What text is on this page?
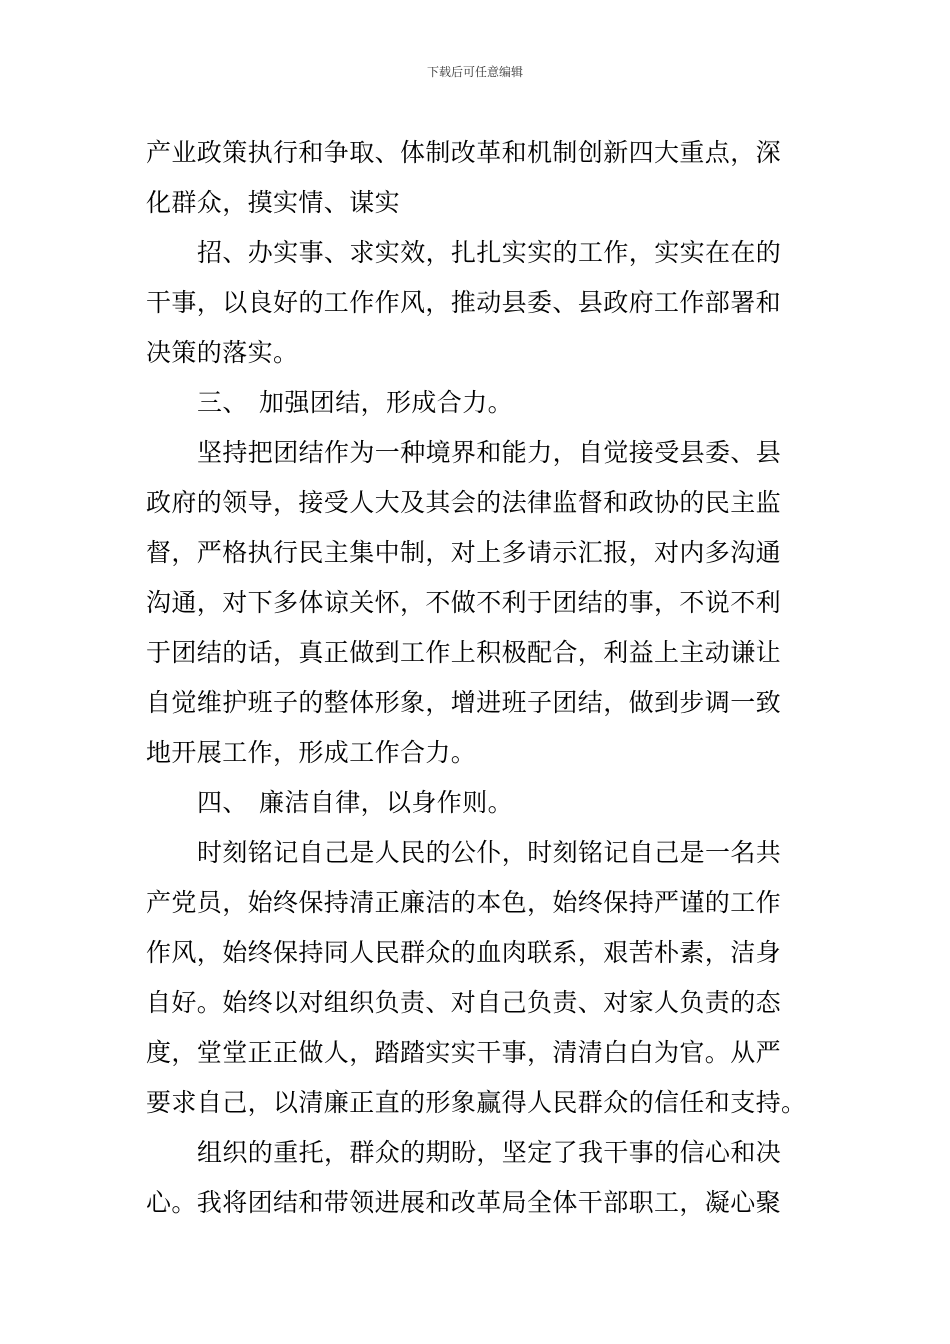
下载后可任意编辑
产业政策执行和争取、体制改革和机制创新四大重点，深
化群众，摸实情、谋实
招、办实事、求实效，扎扎实实的工作，实实在在的
干事，以良好的工作作风，推动县委、县政府工作部署和
决策的落实。
三、 加强团结，形成合力。
坚持把团结作为一种境界和能力，自觉接受县委、县
政府的领导，接受人大及其会的法律监督和政协的民主监
督，严格执行民主集中制，对上多请示汇报，对内多沟通
沟通，对下多体谅关怀，不做不利于团结的事，不说不利
于团结的话，真正做到工作上积极配合，利益上主动谦让
自觉维护班子的整体形象，增进班子团结，做到步调一致
地开展工作，形成工作合力。
四、 廉洁自律，以身作则。
时刻铭记自己是人民的公仆，时刻铭记自己是一名共
产党员，始终保持清正廉洁的本色，始终保持严谨的工作
作风，始终保持同人民群众的血肉联系，艰苦朴素，洁身
自好。始终以对组织负责、对自己负责、对家人负责的态
度，堂堂正正做人，踏踏实实干事，清清白白为官。从严
要求自己，以清廉正直的形象赢得人民群众的信任和支持。
组织的重托，群众的期盼，坚定了我干事的信心和决
心。我将团结和带领进展和改革局全体干部职工，凝心聚
